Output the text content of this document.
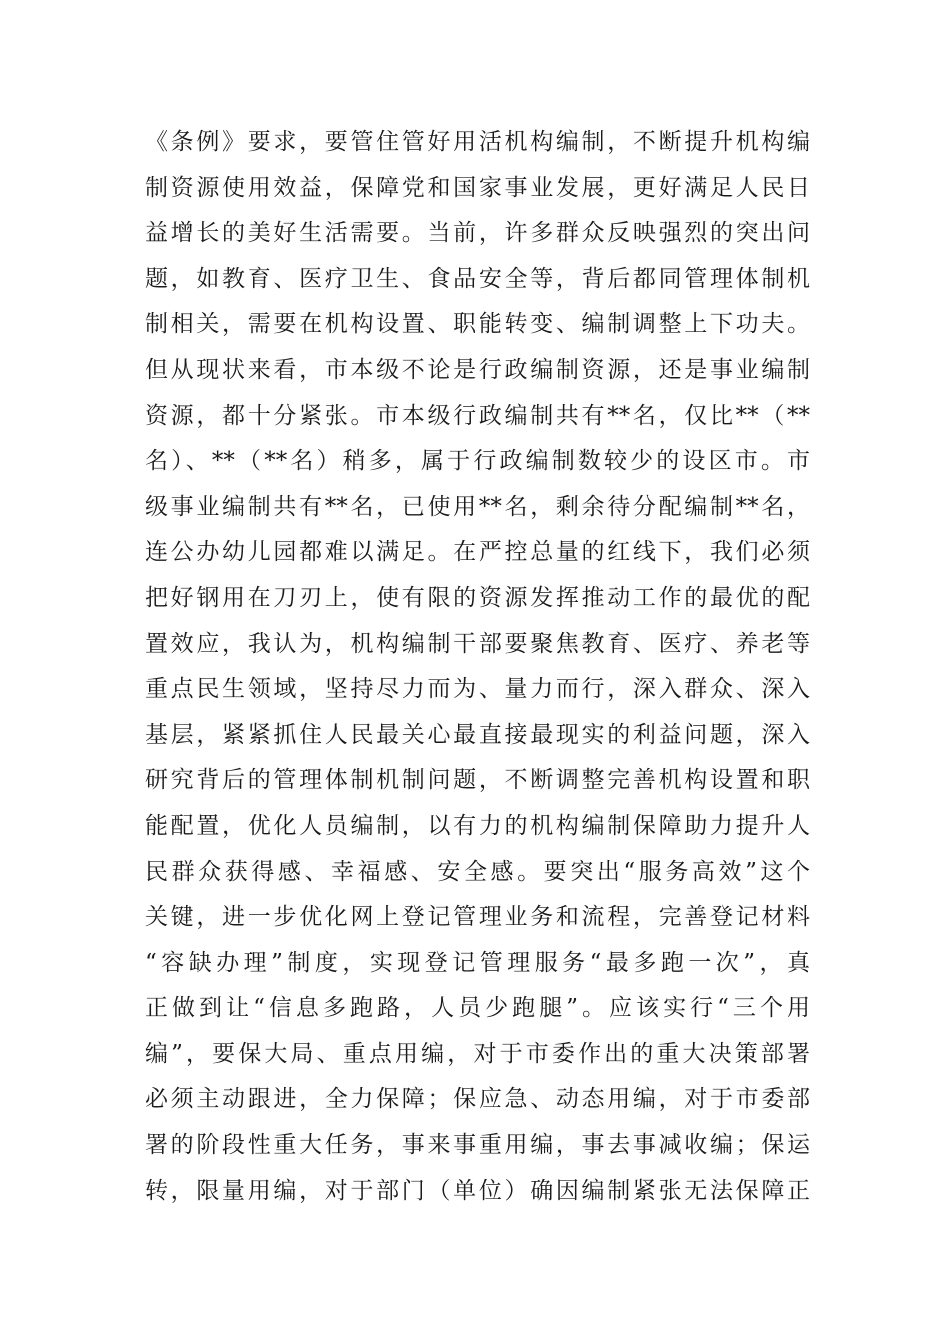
《条例》要求，要管住管好用活机构编制，不断提升机构编
制资源使用效益，保障党和国家事业发展，更好满足人民日
益增长的美好生活需要。当前，许多群众反映强烈的突出问
题，如教育、医疗卫生、食品安全等，背后都同管理体制机
制相关，需要在机构设置、职能转变、编制调整上下功夫。
但从现状来看，市本级不论是行政编制资源，还是事业编制
资源，都十分紧张。市本级行政编制共有**名，仅比**（**
名）、**（**名）稍多，属于行政编制数较少的设区市。市
级事业编制共有**名，已使用**名，剩余待分配编制**名，
连公办幼儿园都难以满足。在严控总量的红线下，我们必须
把好钢用在刀刃上，使有限的资源发挥推动工作的最优的配
置效应，我认为，机构编制干部要聚焦教育、医疗、养老等
重点民生领域，坚持尽力而为、量力而行，深入群众、深入
基层，紧紧抓住人民最关心最直接最现实的利益问题，深入
研究背后的管理体制机制问题，不断调整完善机构设置和职
能配置，优化人员编制，以有力的机构编制保障助力提升人
民群众获得感、幸福感、安全感。要突出“服务高效”这个
关键，进一步优化网上登记管理业务和流程，完善登记材料
“容缺办理”制度，实现登记管理服务“最多跑一次”，真
正做到让“信息多跑路，人员少跑腿”。应该实行“三个用
编”，要保大局、重点用编，对于市委作出的重大决策部署
必须主动跟进，全力保障；保应急、动态用编，对于市委部
署的阶段性重大任务，事来事重用编，事去事减收编；保运
转，限量用编，对于部门（单位）确因编制紧张无法保障正
